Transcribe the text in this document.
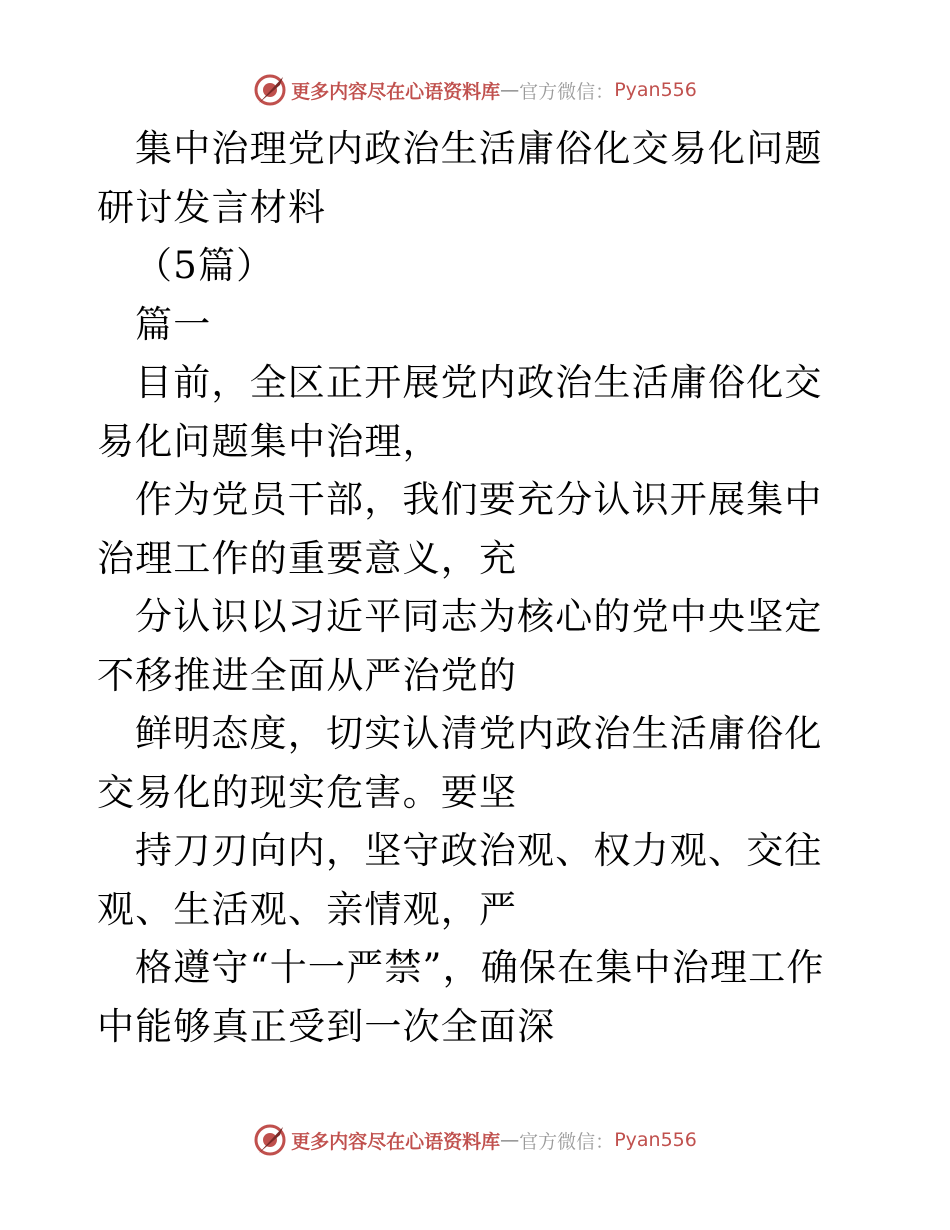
更多内容尽在心语资料库 — 官方微信： Pyan556

集中治理党内政治生活庸俗化交易化问题研讨发言材料

（5篇）

篇一

目前，全区正开展党内政治生活庸俗化交易化问题集中治理，

作为党员干部，我们要充分认识开展集中治理工作的重要意义，充

分认识以习近平同志为核心的党中央坚定不移推进全面从严治党的

鲜明态度，切实认清党内政治生活庸俗化交易化的现实危害。要坚

持刀刃向内，坚守政治观、权力观、交往观、生活观、亲情观，严

格遵守“十一严禁”，确保在集中治理工作中能够真正受到一次全面深

更多内容尽在心语资料库 — 官方微信： Pyan556
